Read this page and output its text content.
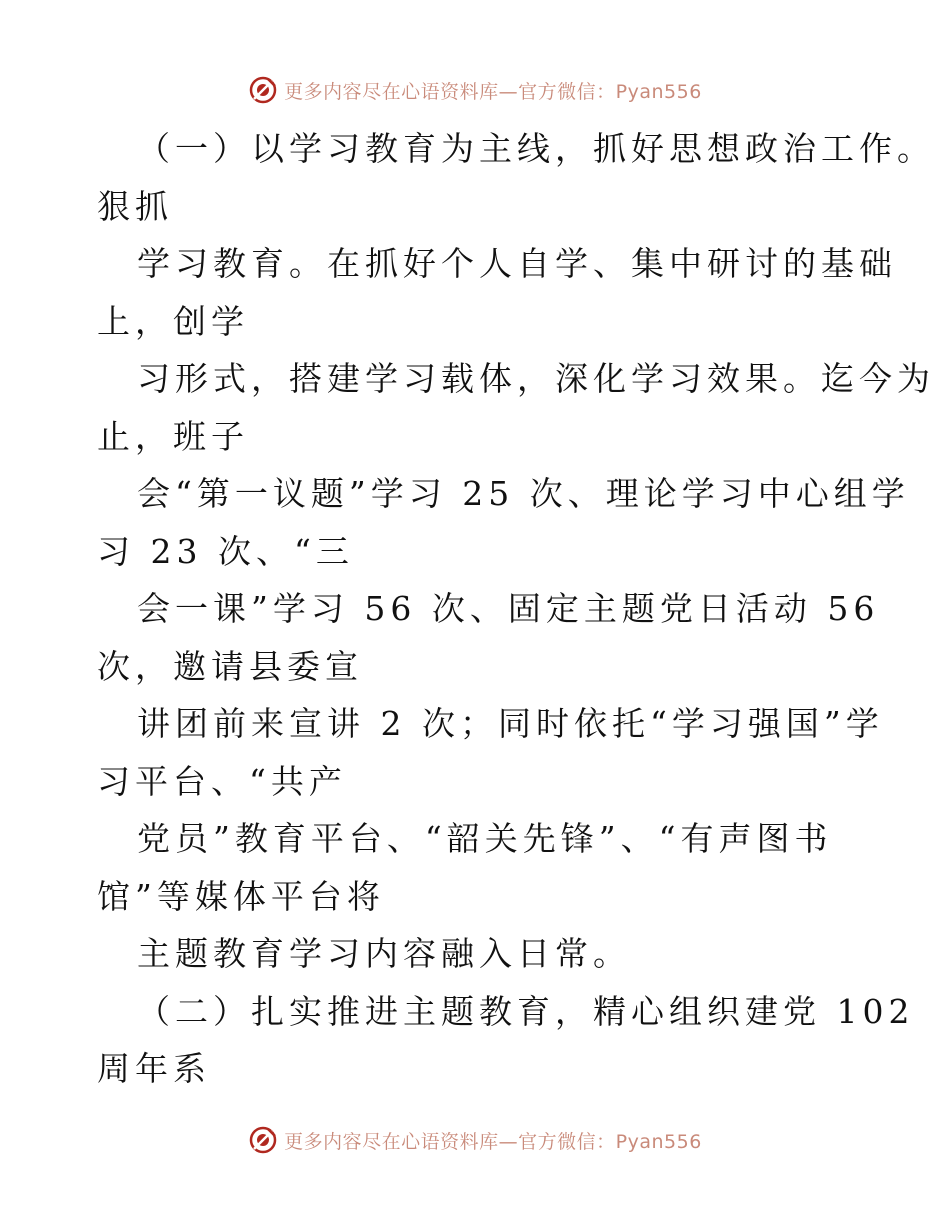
更多内容尽在心语资料库—官方微信：Pyan556
（一）以学习教育为主线，抓好思想政治工作。
狠抓
学习教育。在抓好个人自学、集中研讨的基础
上，创学
习形式，搭建学习载体，深化学习效果。迄今为
止，班子
会“第一议题”学习 25 次、理论学习中心组学
习 23 次、“三
会一课”学习 56 次、固定主题党日活动 56
次，邀请县委宣
讲团前来宣讲 2 次；同时依托“学习强国”学
习平台、“共产
党员”教育平台、“韶关先锋”、“有声图书
馆”等媒体平台将
主题教育学习内容融入日常。
（二）扎实推进主题教育，精心组织建党 102
周年系
更多内容尽在心语资料库—官方微信：Pyan556
